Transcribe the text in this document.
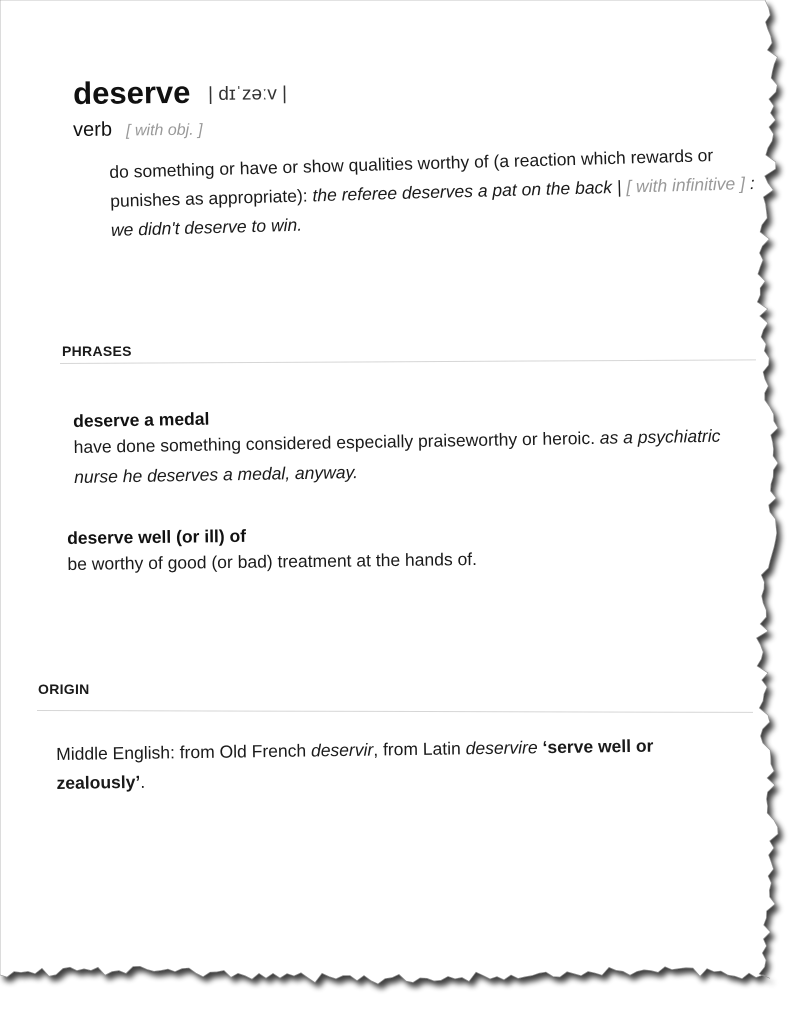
deserve | dɪˈzəːv |
verb [ with obj. ]

do something or have or show qualities worthy of (a reaction which rewards or punishes as appropriate): the referee deserves a pat on the back | [ with infinitive ] : we didn't deserve to win.

PHRASES
deserve a medal
have done something considered especially praiseworthy or heroic. as a psychiatric nurse he deserves a medal, anyway.
deserve well (or ill) of
be worthy of good (or bad) treatment at the hands of.
ORIGIN

Middle English: from Old French deservir, from Latin deservire ‘serve well or zealously’.
